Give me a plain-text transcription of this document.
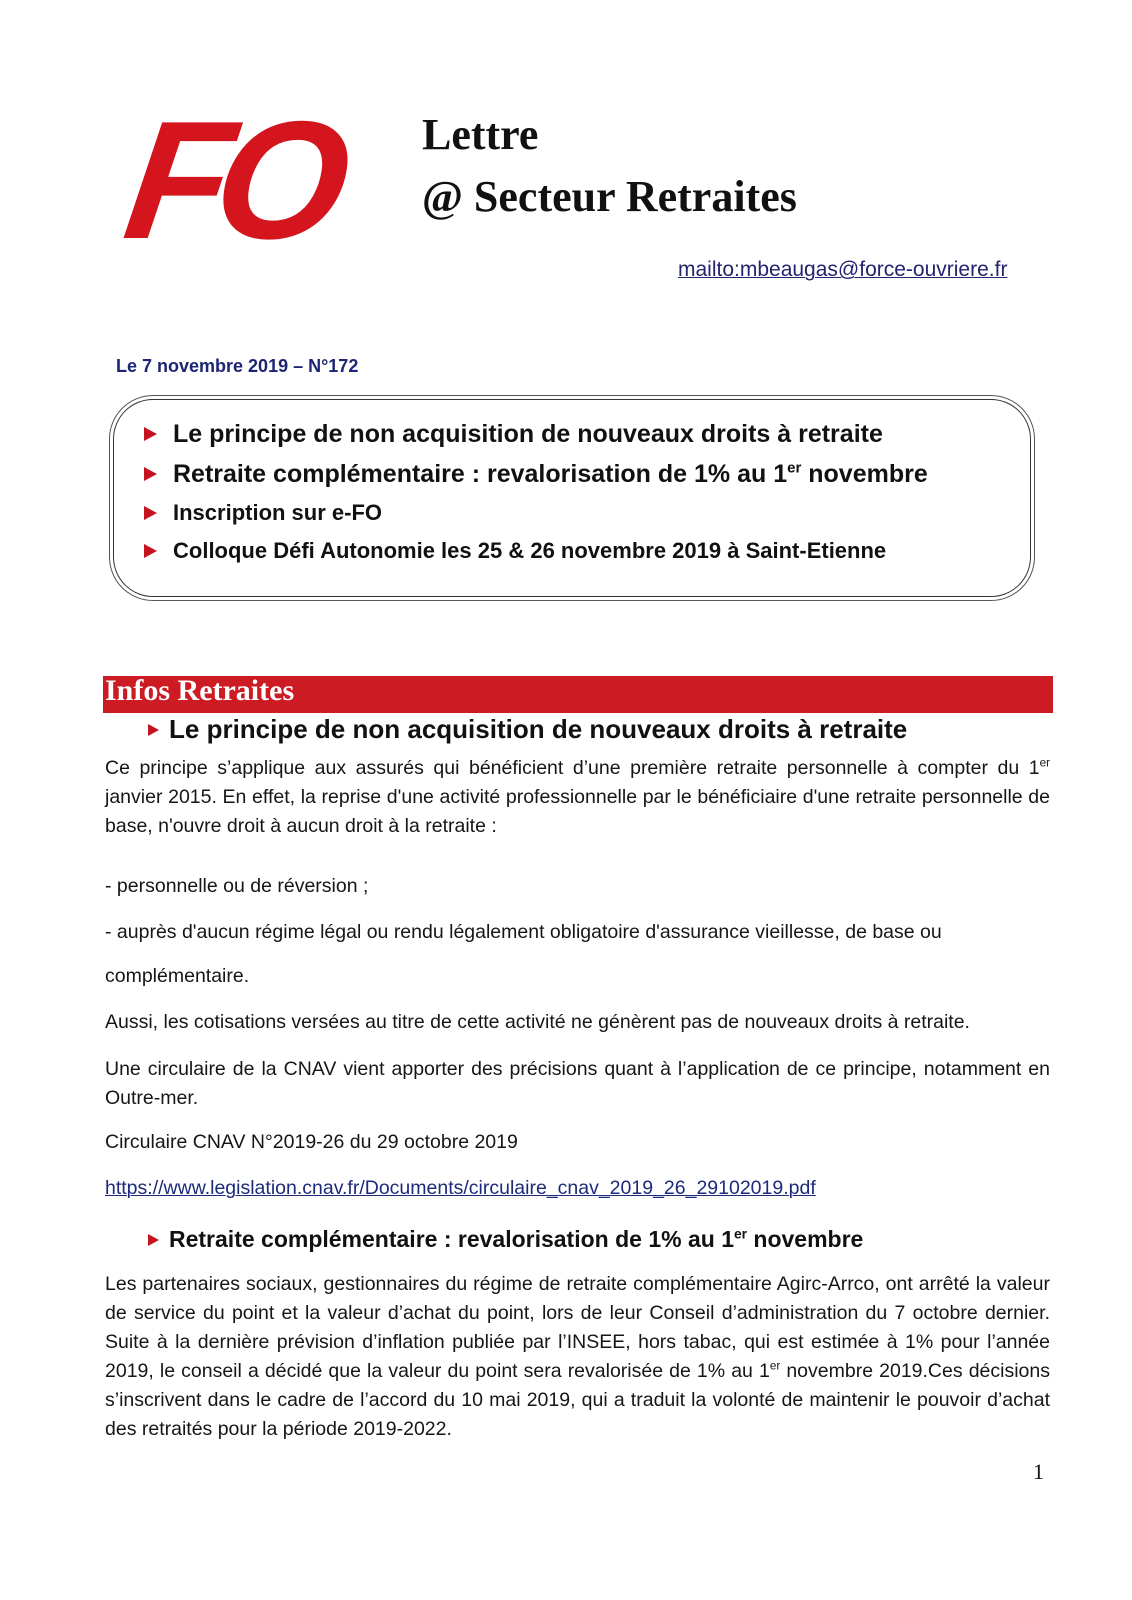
FO Lettre
@ Secteur Retraites
mailto:mbeaugas@force-ouvriere.fr
Le 7 novembre 2019 – N°172
Le principe de non acquisition de nouveaux droits à retraite
Retraite complémentaire : revalorisation de 1% au 1er novembre
Inscription sur e-FO
Colloque Défi Autonomie les 25 & 26 novembre 2019 à Saint-Etienne
Infos Retraites
Le principe de non acquisition de nouveaux droits à retraite
Ce principe s’applique aux assurés qui bénéficient d’une première retraite personnelle à compter du 1er janvier 2015. En effet, la reprise d'une activité professionnelle par le bénéficiaire d'une retraite personnelle de base, n'ouvre droit à aucun droit à la retraite :
- personnelle ou de réversion ;
- auprès d'aucun régime légal ou rendu légalement obligatoire d'assurance vieillesse, de base ou
complémentaire.
Aussi, les cotisations versées au titre de cette activité ne génèrent pas de nouveaux droits à retraite.
Une circulaire de la CNAV vient apporter des précisions quant à l’application de ce principe, notamment en Outre-mer.
Circulaire CNAV N°2019-26 du 29 octobre 2019
https://www.legislation.cnav.fr/Documents/circulaire_cnav_2019_26_29102019.pdf
Retraite complémentaire : revalorisation de 1% au 1er novembre
Les partenaires sociaux, gestionnaires du régime de retraite complémentaire Agirc-Arrco, ont arrêté la valeur de service du point et la valeur d’achat du point, lors de leur Conseil d’administration du 7 octobre dernier. Suite à la dernière prévision d’inflation publiée par l’INSEE, hors tabac, qui est estimée à 1% pour l’année 2019, le conseil a décidé que la valeur du point sera revalorisée de 1% au 1er novembre 2019.Ces décisions s’inscrivent dans le cadre de l’accord du 10 mai 2019, qui a traduit la volonté de maintenir le pouvoir d’achat des retraités pour la période 2019-2022.
1
